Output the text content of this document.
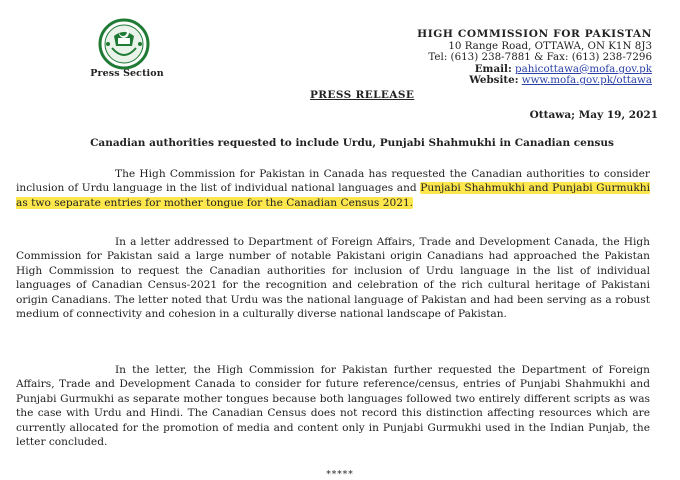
Press Section
HIGH COMMISSION FOR PAKISTAN
10 Range Road, OTTAWA, ON K1N 8J3
Tel: (613) 238-7881 & Fax: (613) 238-7296
Email: pahicottawa@mofa.gov.pk
Website: www.mofa.gov.pk/ottawa
PRESS RELEASE
Ottawa; May 19, 2021
Canadian authorities requested to include Urdu, Punjabi Shahmukhi in Canadian census
The High Commission for Pakistan in Canada has requested the Canadian authorities to consider inclusion of Urdu language in the list of individual national languages and Punjabi Shahmukhi and Punjabi Gurmukhi as two separate entries for mother tongue for the Canadian Census 2021.
In a letter addressed to Department of Foreign Affairs, Trade and Development Canada, the High Commission for Pakistan said a large number of notable Pakistani origin Canadians had approached the Pakistan High Commission to request the Canadian authorities for inclusion of Urdu language in the list of individual languages of Canadian Census-2021 for the recognition and celebration of the rich cultural heritage of Pakistani origin Canadians. The letter noted that Urdu was the national language of Pakistan and had been serving as a robust medium of connectivity and cohesion in a culturally diverse national landscape of Pakistan.
In the letter, the High Commission for Pakistan further requested the Department of Foreign Affairs, Trade and Development Canada to consider for future reference/census, entries of Punjabi Shahmukhi and Punjabi Gurmukhi as separate mother tongues because both languages followed two entirely different scripts as was the case with Urdu and Hindi. The Canadian Census does not record this distinction affecting resources which are currently allocated for the promotion of media and content only in Punjabi Gurmukhi used in the Indian Punjab, the letter concluded.
*****
